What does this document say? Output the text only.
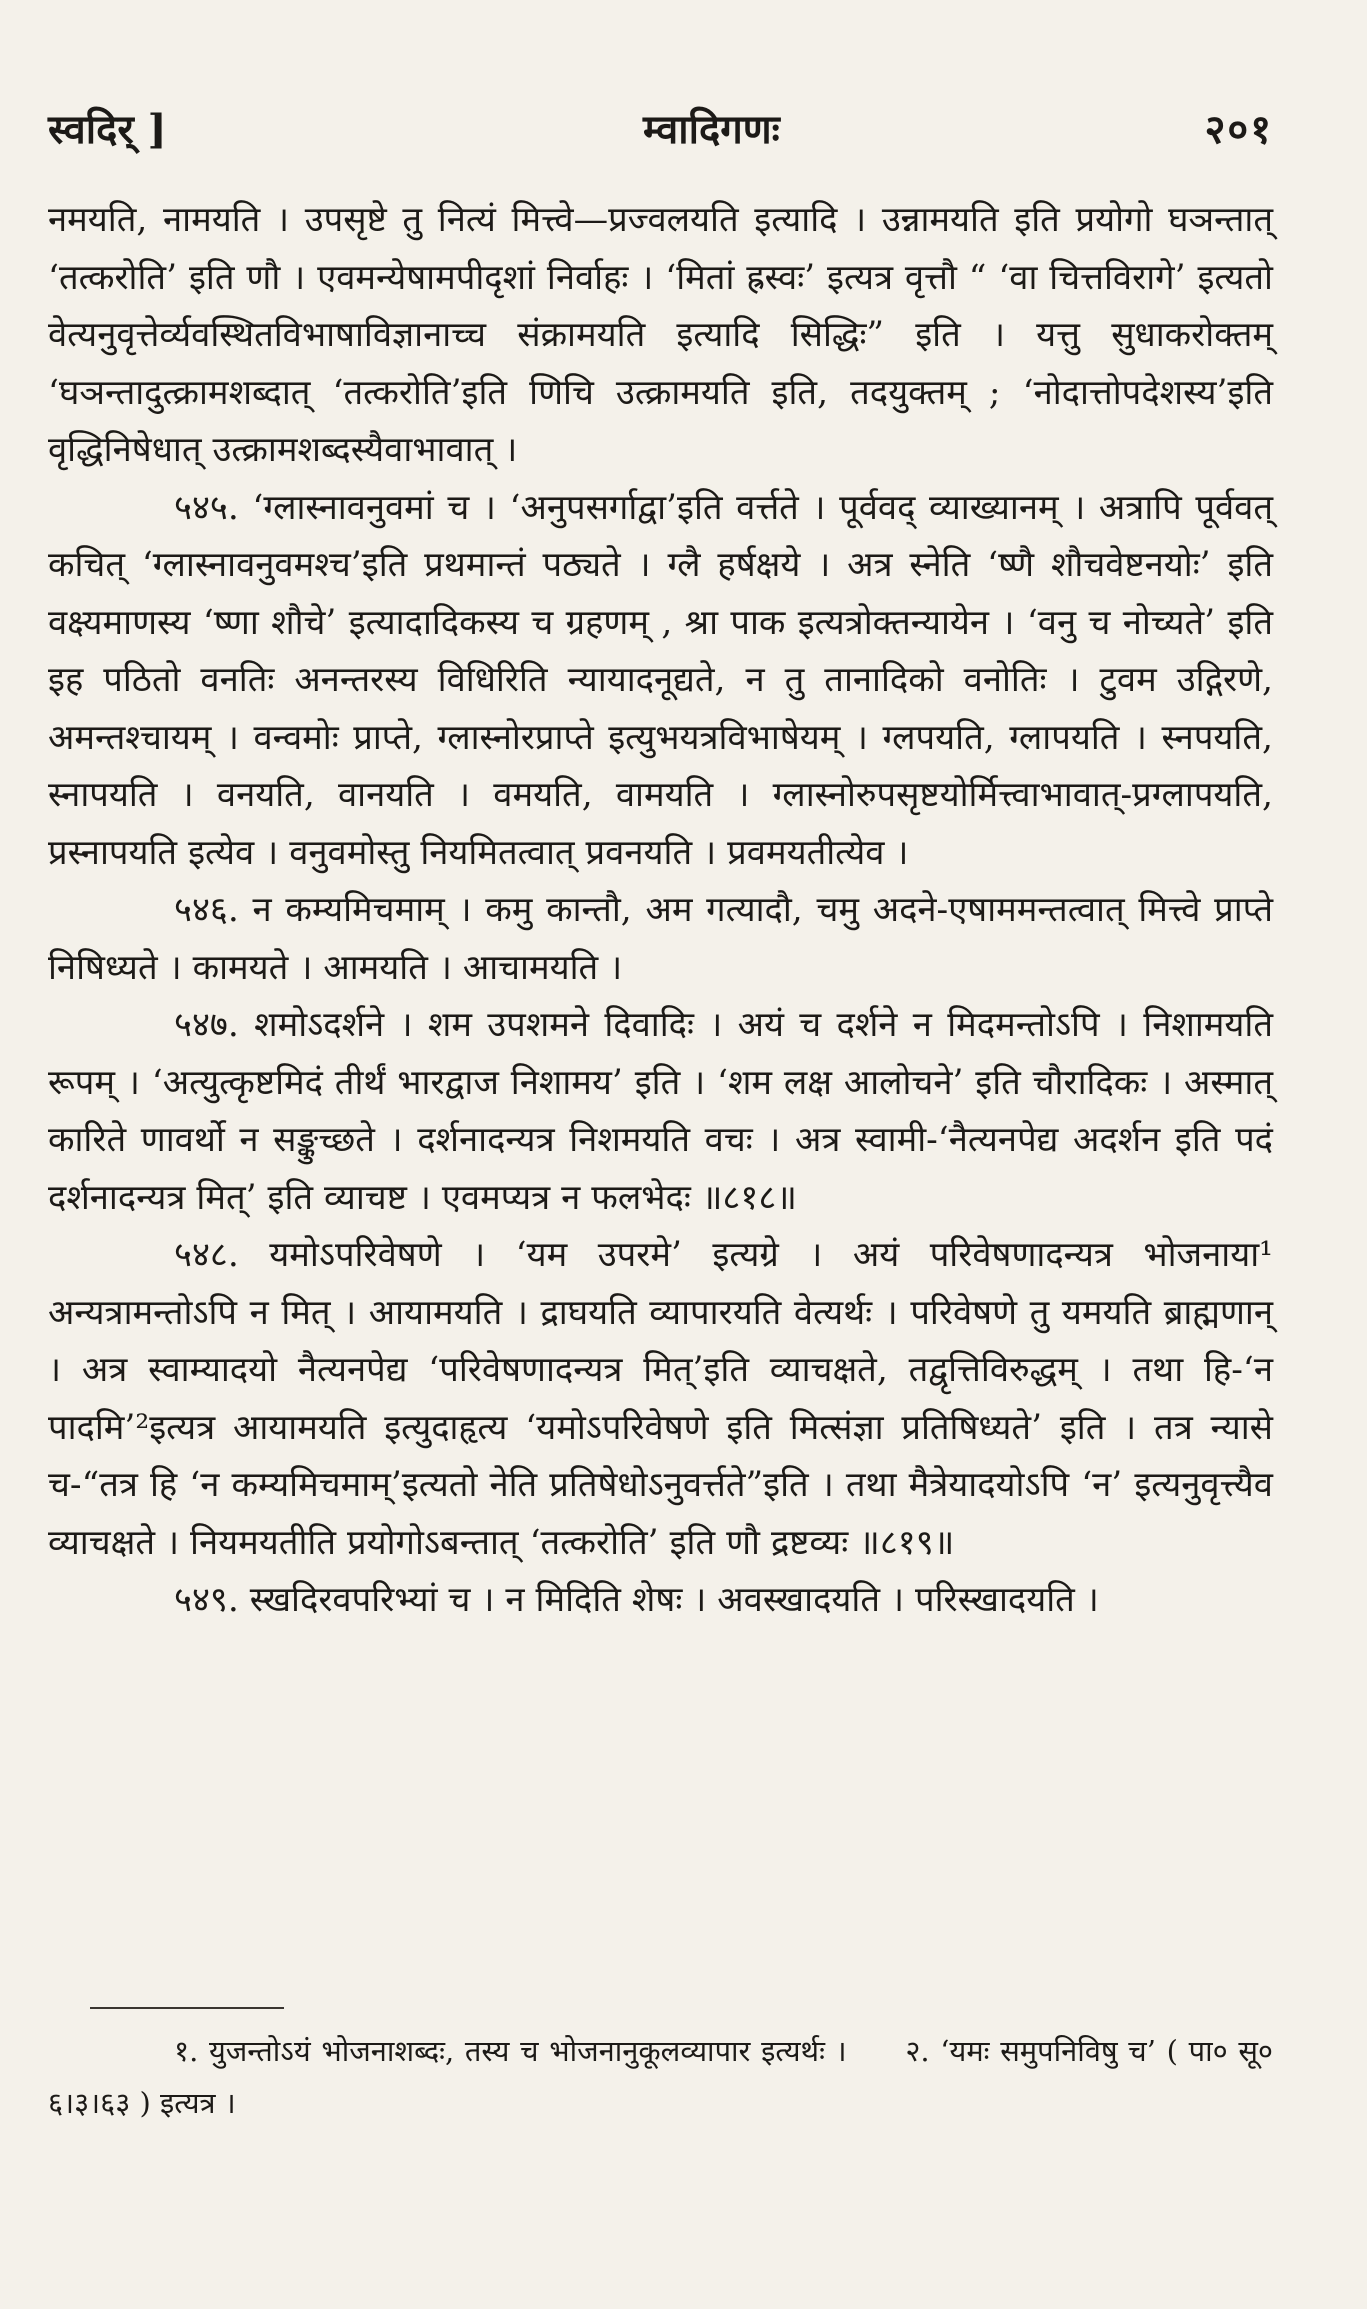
स्वदिर् ]	म्वादिगणः	२०१

नमयति, नामयति । उपसृष्टे तु नित्यं मित्त्वे—प्रज्वलयति इत्यादि । उन्नामयति इति प्रयोगो घञन्तात् ‘तत्करोति’ इति णौ । एवमन्येषामपीदृशां निर्वाहः । ‘मितां ह्रस्वः’ इत्यत्र वृत्तौ “ ‘वा चित्तविरागे’ इत्यतो वेत्यनुवृत्तेर्व्यवस्थितविभाषाविज्ञानाच्च संक्रामयति इत्यादि सिद्धिः” इति । यत्तु सुधाकरोक्तम् ‘घञन्तादुत्क्रामशब्दात् ‘तत्करोति’इति णिचि उत्क्रामयति इति, तदयुक्तम् ; ‘नोदात्तोपदेशस्य’इति वृद्धिनिषेधात् उत्क्रामशब्दस्यैवाभावात् ।

५४५. ‘ग्लास्नावनुवमां च । ‘अनुपसर्गाद्वा’इति वर्त्तते । पूर्ववद् व्याख्यानम् । अत्रापि पूर्ववत् कचित् ‘ग्लास्नावनुवमश्च’इति प्रथमान्तं पठ्यते । ग्लै हर्षक्षये । अत्र स्नेति ‘ष्णै शौचवेष्टनयोः’ इति वक्ष्यमाणस्य ‘ष्णा शौचे’ इत्यादादिकस्य च ग्रहणम् , श्रा पाक इत्यत्रोक्तन्यायेन । ‘वनु च नोच्यते’ इति इह पठितो वनतिः अनन्तरस्य विधिरिति न्यायादनूद्यते, न तु तानादिको वनोतिः । टुवम उद्गिरणे, अमन्तश्चायम् । वन्वमोः प्राप्ते, ग्लास्नोरप्राप्ते इत्युभयत्रविभाषेयम् । ग्लपयति, ग्लापयति । स्नपयति, स्नापयति । वनयति, वानयति । वमयति, वामयति । ग्लास्नोरुपसृष्टयोर्मित्त्वाभावात्-प्रग्लापयति, प्रस्नापयति इत्येव । वनुवमोस्तु नियमितत्वात् प्रवनयति । प्रवमयतीत्येव ।

५४६. न कम्यमिचमाम् । कमु कान्तौ, अम गत्यादौ, चमु अदने-एषाममन्तत्वात् मित्त्वे प्राप्ते निषिध्यते । कामयते । आमयति । आचामयति ।

५४७. शमोऽदर्शने । शम उपशमने दिवादिः । अयं च दर्शने न मिदमन्तोऽपि । निशामयति रूपम् । ‘अत्युत्कृष्टमिदं तीर्थं भारद्वाज निशामय’ इति । ‘शम लक्ष आलोचने’ इति चौरादिकः । अस्मात् कारिते णावर्थो न सङ्कुच्छते । दर्शनादन्यत्र निशमयति वचः । अत्र स्वामी-‘नैत्यनपेद्य अदर्शन इति पदं दर्शनादन्यत्र मित्’ इति व्याचष्ट । एवमप्यत्र न फलभेदः ॥८१८॥

५४८. यमोऽपरिवेषणे । ‘यम उपरमे’ इत्यग्रे । अयं परिवेषणादन्यत्र भोजनाया¹ अन्यत्रामन्तोऽपि न मित् । आयामयति । द्राघयति व्यापारयति वेत्यर्थः । परिवेषणे तु यमयति ब्राह्मणान् । अत्र स्वाम्यादयो नैत्यनपेद्य ‘परिवेषणादन्यत्र मित्’इति व्याचक्षते, तद्वृत्तिविरुद्धम् । तथा हि-‘न पादमि’²इत्यत्र आयामयति इत्युदाहृत्य ‘यमोऽपरिवेषणे इति मित्संज्ञा प्रतिषिध्यते’ इति । तत्र न्यासे च-“तत्र हि ‘न कम्यमिचमाम्’इत्यतो नेति प्रतिषेधोऽनुवर्त्तते”इति । तथा मैत्रेयादयोऽपि ‘न’ इत्यनुवृत्त्यैव व्याचक्षते । नियमयतीति प्रयोगोऽबन्तात् ‘तत्करोति’ इति णौ द्रष्टव्यः ॥८१९॥

५४९. स्खदिरवपरिभ्यां च । न मिदिति शेषः । अवस्खादयति । परिस्खादयति ।

१. युजन्तोऽयं भोजनाशब्दः, तस्य च भोजनानुकूलव्यापार इत्यर्थः । २. ‘यमः समुपनिविषु च’ ( पा० सू० ६।३।६३ ) इत्यत्र ।
